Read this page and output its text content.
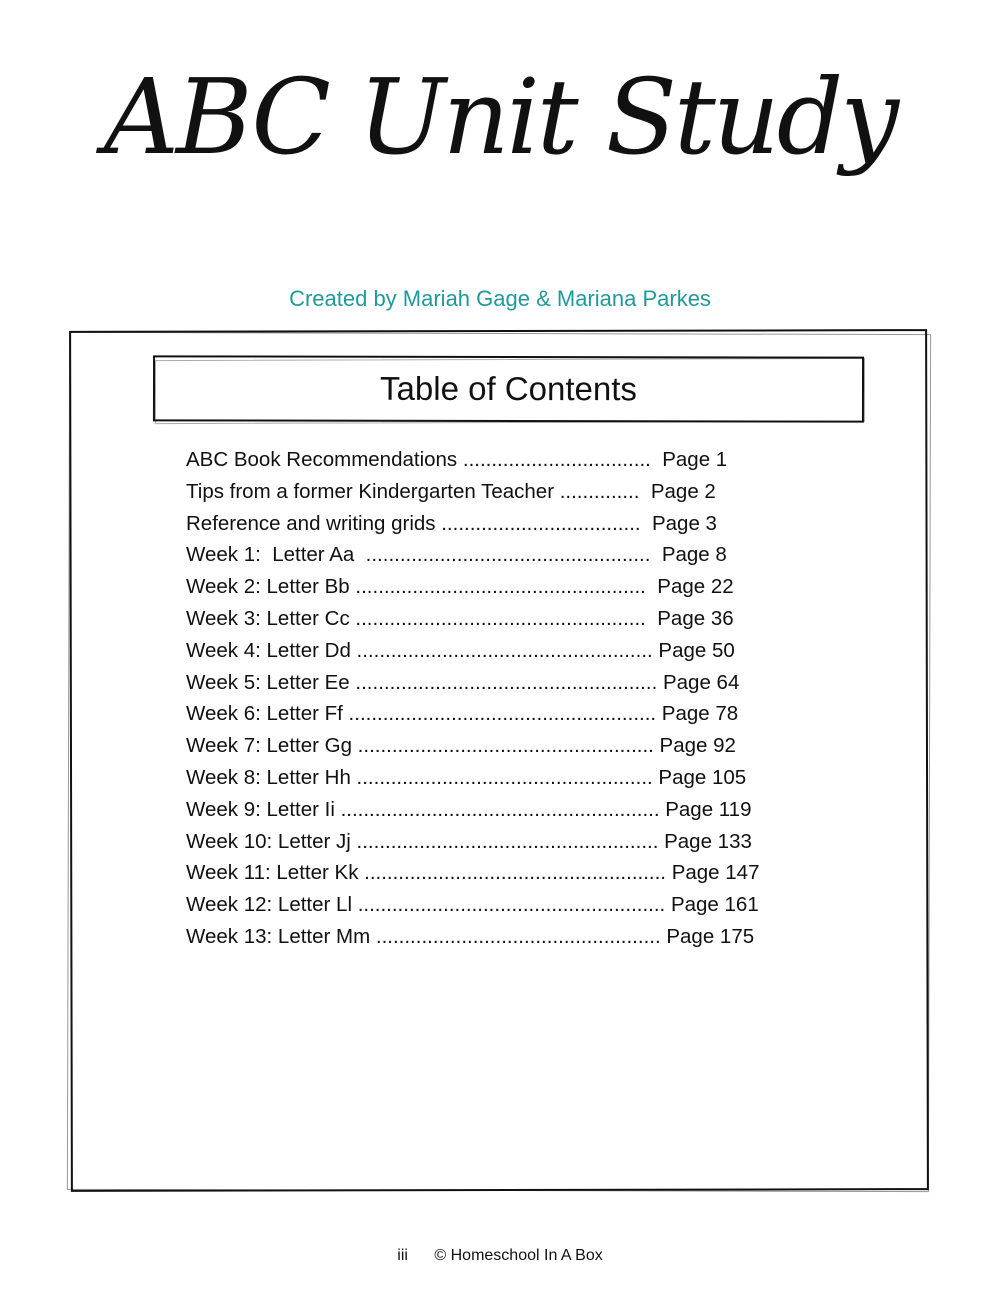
ABC Unit Study
Created by Mariah Gage & Mariana Parkes
Table of Contents
ABC Book Recommendations .................................  Page 1
Tips from a former Kindergarten Teacher ..............  Page 2
Reference and writing grids ...................................  Page 3
Week 1:  Letter Aa  ..................................................  Page 8
Week 2: Letter Bb ...................................................  Page 22
Week 3: Letter Cc ...................................................  Page 36
Week 4: Letter Dd .................................................... Page 50
Week 5: Letter Ee ..................................................... Page 64
Week 6: Letter Ff ...................................................... Page 78
Week 7: Letter Gg .................................................... Page 92
Week 8: Letter Hh .................................................... Page 105
Week 9: Letter Ii ........................................................ Page 119
Week 10: Letter Jj ..................................................... Page 133
Week 11: Letter Kk ..................................................... Page 147
Week 12: Letter Ll ...................................................... Page 161
Week 13: Letter Mm .................................................. Page 175
iii © Homeschool In A Box
